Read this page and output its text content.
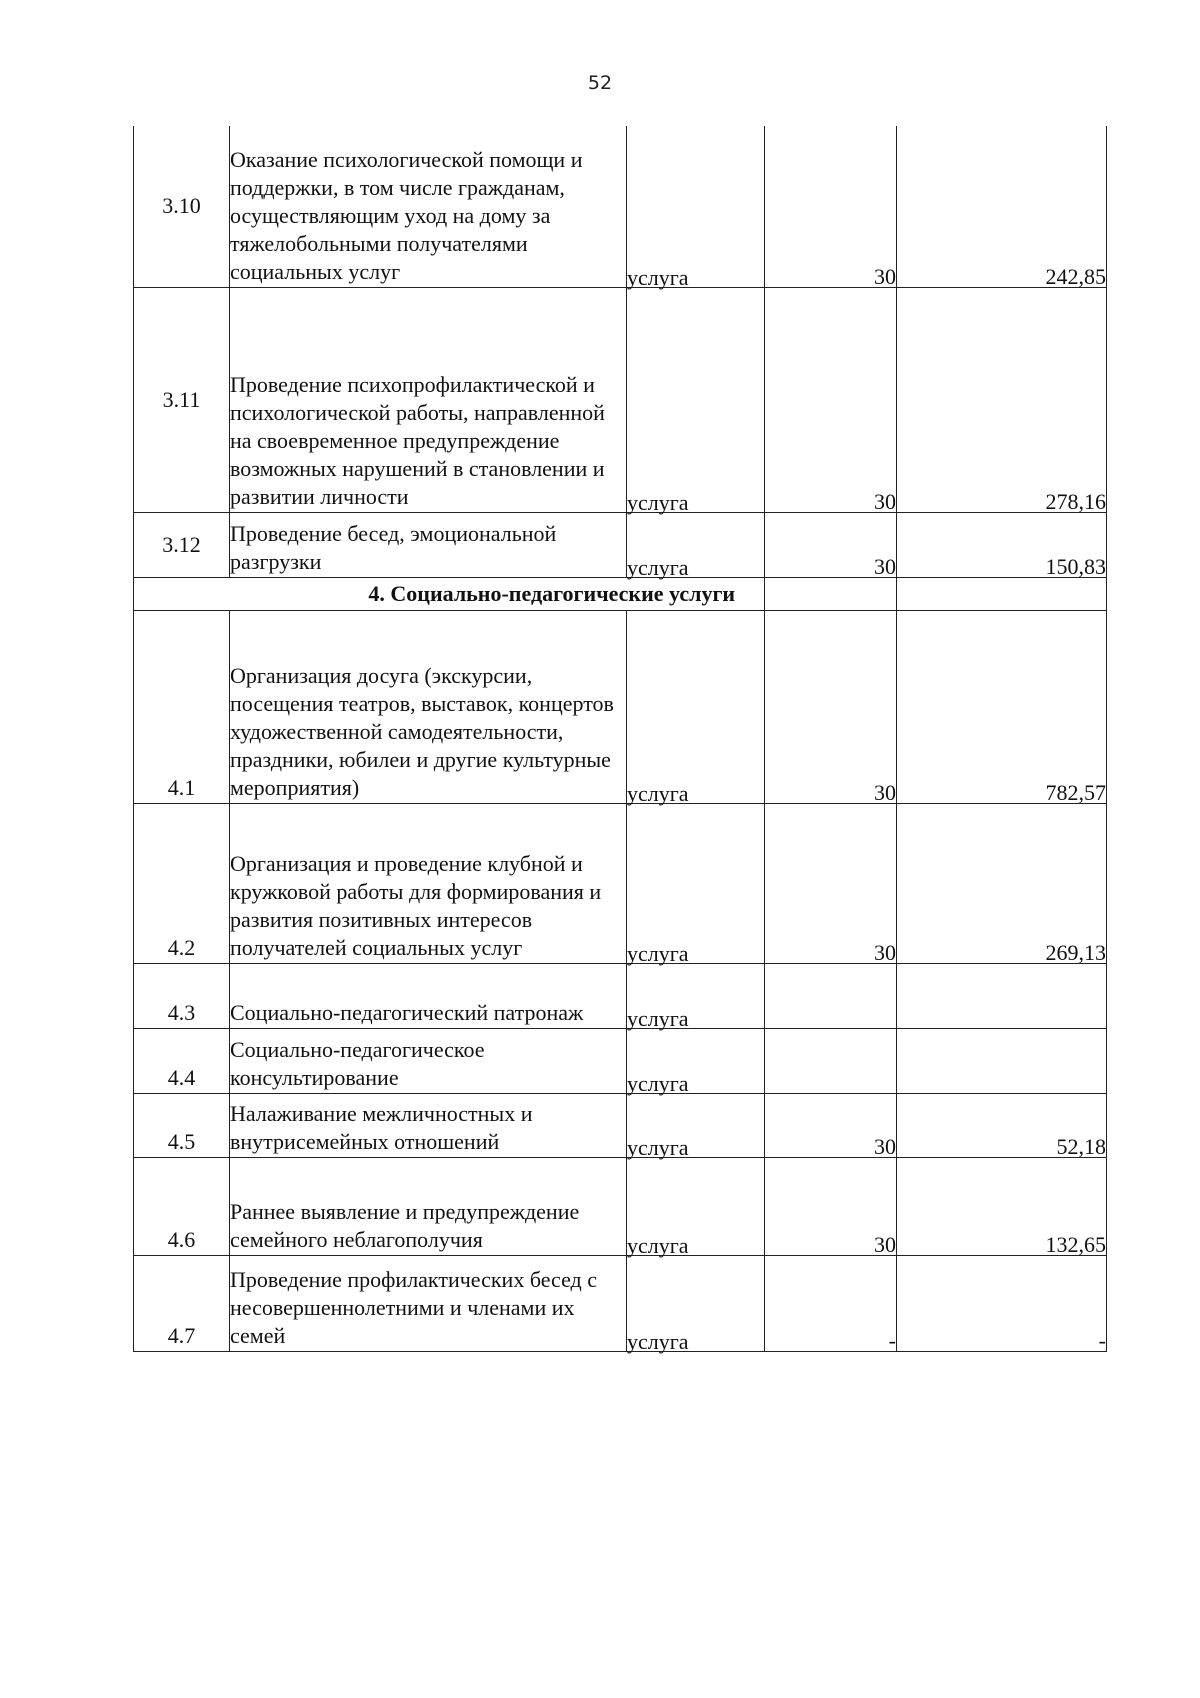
52
3.10	Оказание психологической помощи и поддержки, в том числе гражданам, осуществляющим уход на дому за тяжелобольными получателями социальных услуг	услуга	30	242,85

3.11	Проведение психопрофилактической и психологической работы, направленной на своевременное предупреждение возможных нарушений в становлении и развитии личности	услуга	30	278,16

3.12	Проведение бесед, эмоциональной разгрузки	услуга	30	150,83

	4. Социально-педагогические услуги			
4.1	Организация досуга (экскурсии, посещения театров, выставок, концертов художественной самодеятельности, праздники, юбилеи и другие культурные мероприятия)	услуга	30	782,57

4.2	Организация и проведение клубной и кружковой работы для формирования и развития позитивных интересов получателей социальных услуг	услуга	30	269,13

4.3	Социально-педагогический патронаж	услуга		

4.4	Социально-педагогическое консультирование	услуга		

4.5	Налаживание межличностных и внутрисемейных отношений	услуга	30	52,18

4.6	Раннее выявление и предупреждение семейного неблагополучия	услуга	30	132,65

4.7	Проведение профилактических бесед с несовершеннолетними и членами их семей	услуга	-	-
